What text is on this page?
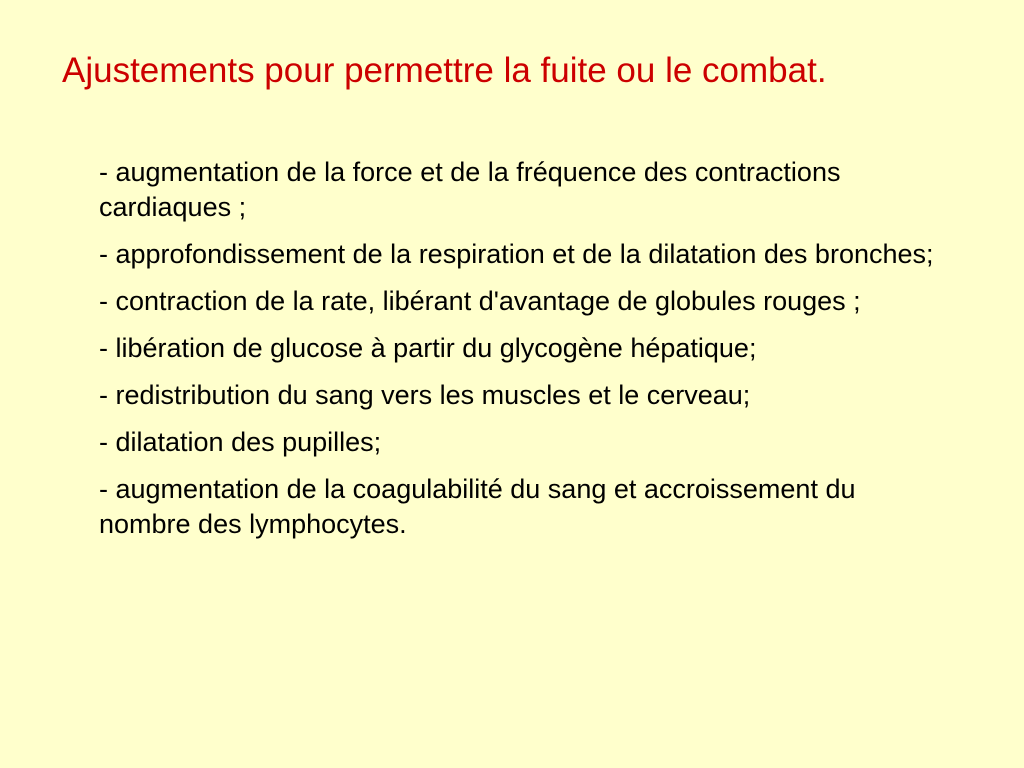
Ajustements pour permettre la fuite ou le combat.
- augmentation de la force et de la fréquence des contractions cardiaques ;
- approfondissement de la respiration et de la dilatation des bronches;
- contraction de la rate, libérant d'avantage de globules rouges ;
- libération de glucose à partir du glycogène hépatique;
- redistribution du sang vers les muscles et le cerveau;
- dilatation des pupilles;
- augmentation de la coagulabilité du sang et accroissement du nombre des lymphocytes.
